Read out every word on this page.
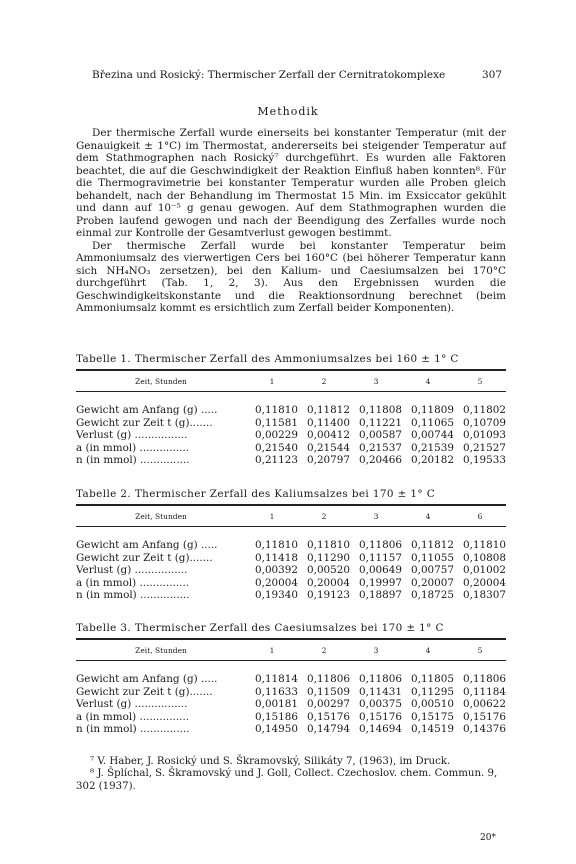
Březina und Rosický: Thermischer Zerfall der Cernitratokomplexe	307
Methodik

Der thermische Zerfall wurde einerseits bei konstanter Temperatur (mit der Genauigkeit ± 1°C) im Thermostat, andererseits bei steigender Temperatur auf dem Stathmographen nach Rosický⁷ durchgeführt. Es wurden alle Faktoren beachtet, die auf die Geschwindigkeit der Reaktion Einfluß haben konnten⁸. Für die Thermogravimetrie bei konstanter Temperatur wurden alle Proben gleich behandelt, nach der Behandlung im Thermostat 15 Min. im Exsiccator gekühlt und dann auf 10⁻⁵ g genau gewogen. Auf dem Stathmographen wurden die Proben laufend gewogen und nach der Beendigung des Zerfalles wurde noch einmal zur Kontrolle der Gesamtverlust gewogen bestimmt.

Der thermische Zerfall wurde bei konstanter Temperatur beim Ammoniumsalz des vierwertigen Cers bei 160°C (bei höherer Temperatur kann sich NH₄NO₃ zersetzen), bei den Kalium- und Caesiumsalzen bei 170°C durchgeführt (Tab. 1, 2, 3). Aus den Ergebnissen wurden die Geschwindigkeitskonstante und die Reaktionsordnung berechnet (beim Ammoniumsalz kommt es ersichtlich zum Zerfall beider Komponenten).

Tabelle 1. Thermischer Zerfall des Ammoniumsalzes bei 160 ± 1° C
Zeit, Stunden	1	2	3	4	5
Gewicht am Anfang (g) .....	0,11810 0,11812 0,11808 0,11809 0,11802
Gewicht zur Zeit t (g).......	0,11581 0,11400 0,11221 0,11065 0,10709
Verlust (g) ................	0,00229 0,00412 0,00587 0,00744 0,01093
a (in mmol) ...............	0,21540 0,21544 0,21537 0,21539 0,21527
n (in mmol) ...............	0,21123 0,20797 0,20466 0,20182 0,19533
Tabelle 2. Thermischer Zerfall des Kaliumsalzes bei 170 ± 1° C
Zeit, Stunden	1	2	3	4	6
Gewicht am Anfang (g) .....	0,11810 0,11810 0,11806 0,11812 0,11810
Gewicht zur Zeit t (g).......	0,11418 0,11290 0,11157 0,11055 0,10808
Verlust (g) ................	0,00392 0,00520 0,00649 0,00757 0,01002
a (in mmol) ...............	0,20004 0,20004 0,19997 0,20007 0,20004
n (in mmol) ...............	0,19340 0,19123 0,18897 0,18725 0,18307
Tabelle 3. Thermischer Zerfall des Caesiumsalzes bei 170 ± 1° C
Zeit, Stunden	1	2	3	4	5
Gewicht am Anfang (g) .....	0,11814 0,11806 0,11806 0,11805 0,11806
Gewicht zur Zeit t (g).......	0,11633 0,11509 0,11431 0,11295 0,11184
Verlust (g) ................	0,00181 0,00297 0,00375 0,00510 0,00622
a (in mmol) ...............	0,15186 0,15176 0,15176 0,15175 0,15176
n (in mmol) ...............	0,14950 0,14794 0,14694 0,14519 0,14376

⁷ V. Haber, J. Rosický und S. Škramovský, Silikáty 7, (1963), im Druck.

⁸ J. Šplíchal, S. Škramovský und J. Goll, Collect. Czechoslov. chem. Commun. 9, 302 (1937).

20*
